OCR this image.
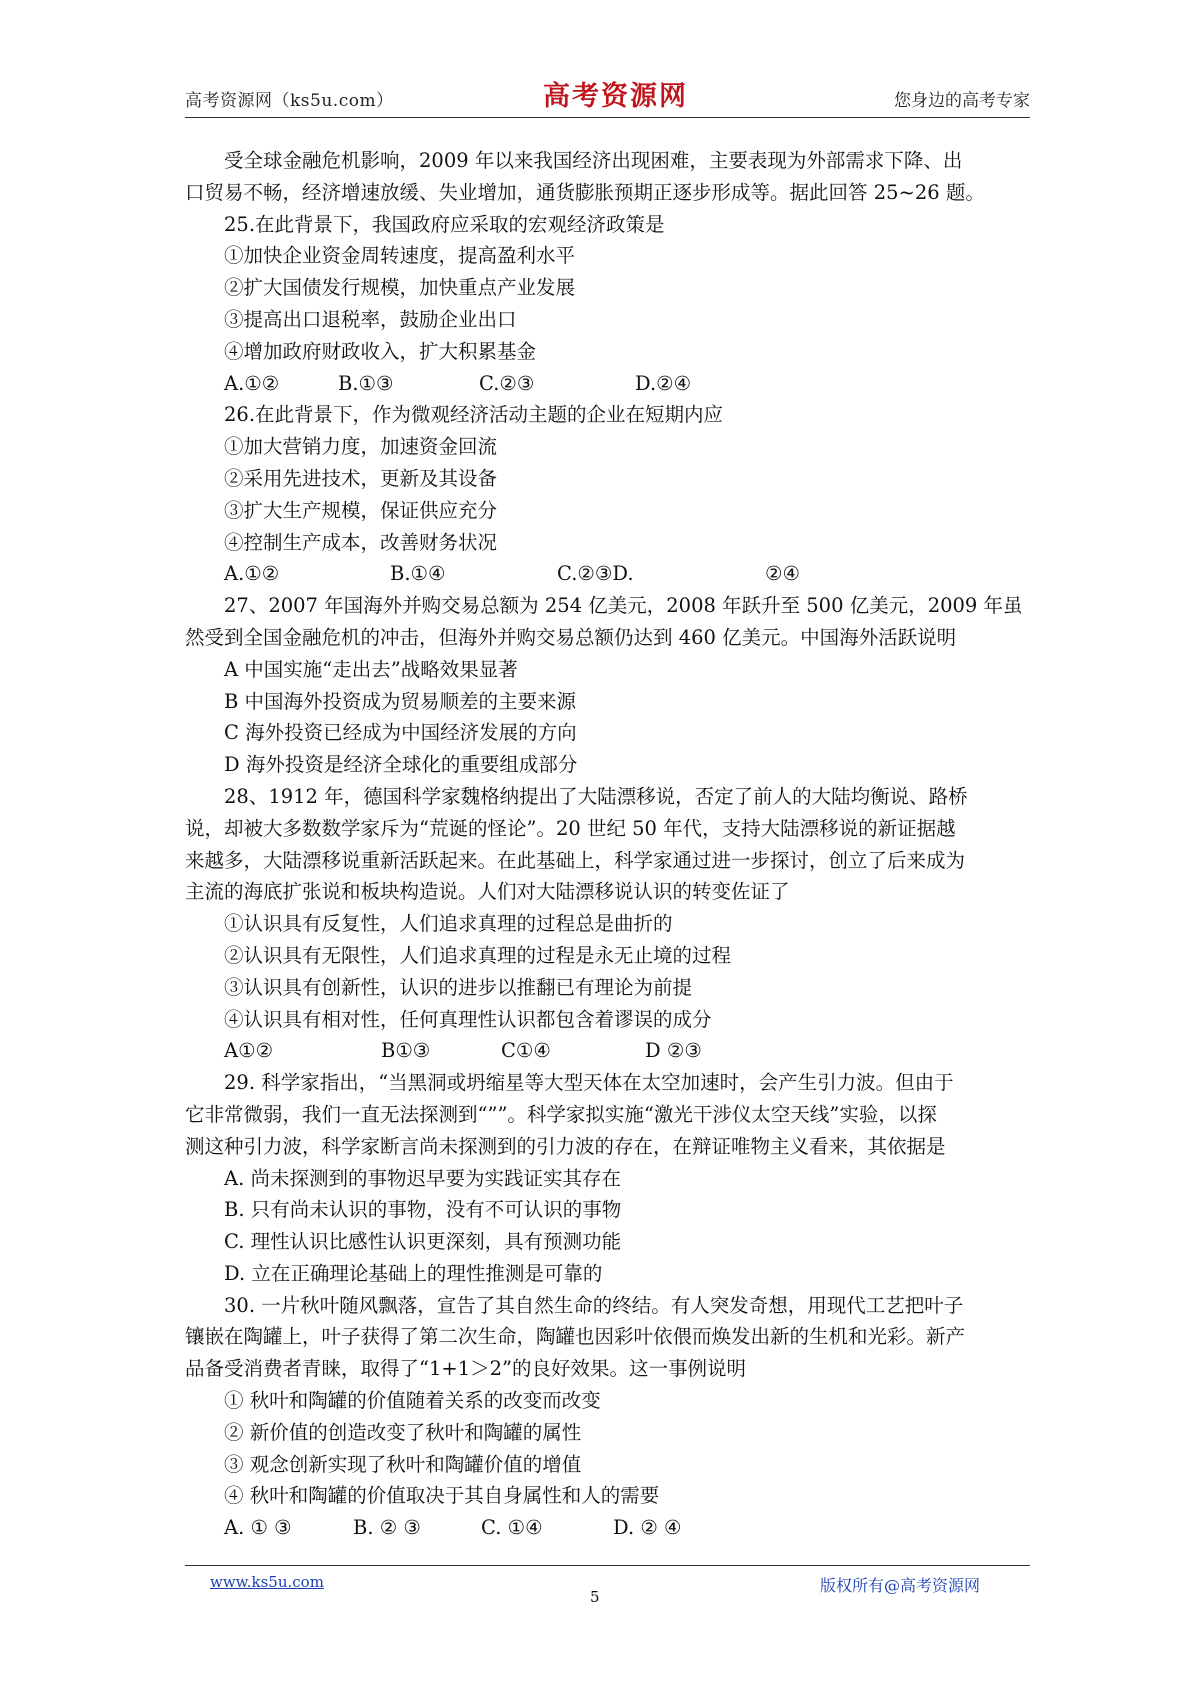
高考资源网（ks5u.com）	高考资源网	您身边的高考专家
受全球金融危机影响，2009 年以来我国经济出现困难，主要表现为外部需求下降、出
口贸易不畅，经济增速放缓、失业增加，通货膨胀预期正逐步形成等。据此回答 25~26 题。
25.在此背景下，我国政府应采取的宏观经济政策是
①加快企业资金周转速度，提高盈利水平
②扩大国债发行规模，加快重点产业发展
③提高出口退税率，鼓励企业出口
④增加政府财政收入，扩大积累基金
A.①②	B.①③	C.②③	D.②④
26.在此背景下，作为微观经济活动主题的企业在短期内应
①加大营销力度，加速资金回流
②采用先进技术，更新及其设备
③扩大生产规模，保证供应充分
④控制生产成本，改善财务状况
A.①②	B.①④	C.②③D.	②④
27、2007 年国海外并购交易总额为 254 亿美元，2008 年跃升至 500 亿美元，2009 年虽
然受到全国金融危机的冲击，但海外并购交易总额仍达到 460 亿美元。中国海外活跃说明
A 中国实施“走出去”战略效果显著
B 中国海外投资成为贸易顺差的主要来源
C 海外投资已经成为中国经济发展的方向
D 海外投资是经济全球化的重要组成部分
28、1912 年，德国科学家魏格纳提出了大陆漂移说，否定了前人的大陆均衡说、路桥
说，却被大多数数学家斥为“荒诞的怪论”。20 世纪 50 年代，支持大陆漂移说的新证据越
来越多，大陆漂移说重新活跃起来。在此基础上，科学家通过进一步探讨，创立了后来成为
主流的海底扩张说和板块构造说。人们对大陆漂移说认识的转变佐证了
①认识具有反复性，人们追求真理的过程总是曲折的
②认识具有无限性，人们追求真理的过程是永无止境的过程
③认识具有创新性，认识的进步以推翻已有理论为前提
④认识具有相对性，任何真理性认识都包含着谬误的成分
A①②	B①③	C①④	D ②③
29. 科学家指出，“当黑洞或坍缩星等大型天体在太空加速时，会产生引力波。但由于
它非常微弱，我们一直无法探测到“””。科学家拟实施“激光干涉仪太空天线”实验，以探
测这种引力波，科学家断言尚未探测到的引力波的存在，在辩证唯物主义看来，其依据是
A. 尚未探测到的事物迟早要为实践证实其存在
B. 只有尚未认识的事物，没有不可认识的事物
C. 理性认识比感性认识更深刻，具有预测功能
D. 立在正确理论基础上的理性推测是可靠的
30. 一片秋叶随风飘落，宣告了其自然生命的终结。有人突发奇想，用现代工艺把叶子
镶嵌在陶罐上，叶子获得了第二次生命，陶罐也因彩叶依偎而焕发出新的生机和光彩。新产
品备受消费者青睐，取得了“1+1＞2”的良好效果。这一事例说明
① 秋叶和陶罐的价值随着关系的改变而改变
② 新价值的创造改变了秋叶和陶罐的属性
③ 观念创新实现了秋叶和陶罐价值的增值
④ 秋叶和陶罐的价值取决于其自身属性和人的需要
A. ① ③	B. ② ③	C. ①④	D. ② ④
www.ks5u.com
5
版权所有@高考资源网
